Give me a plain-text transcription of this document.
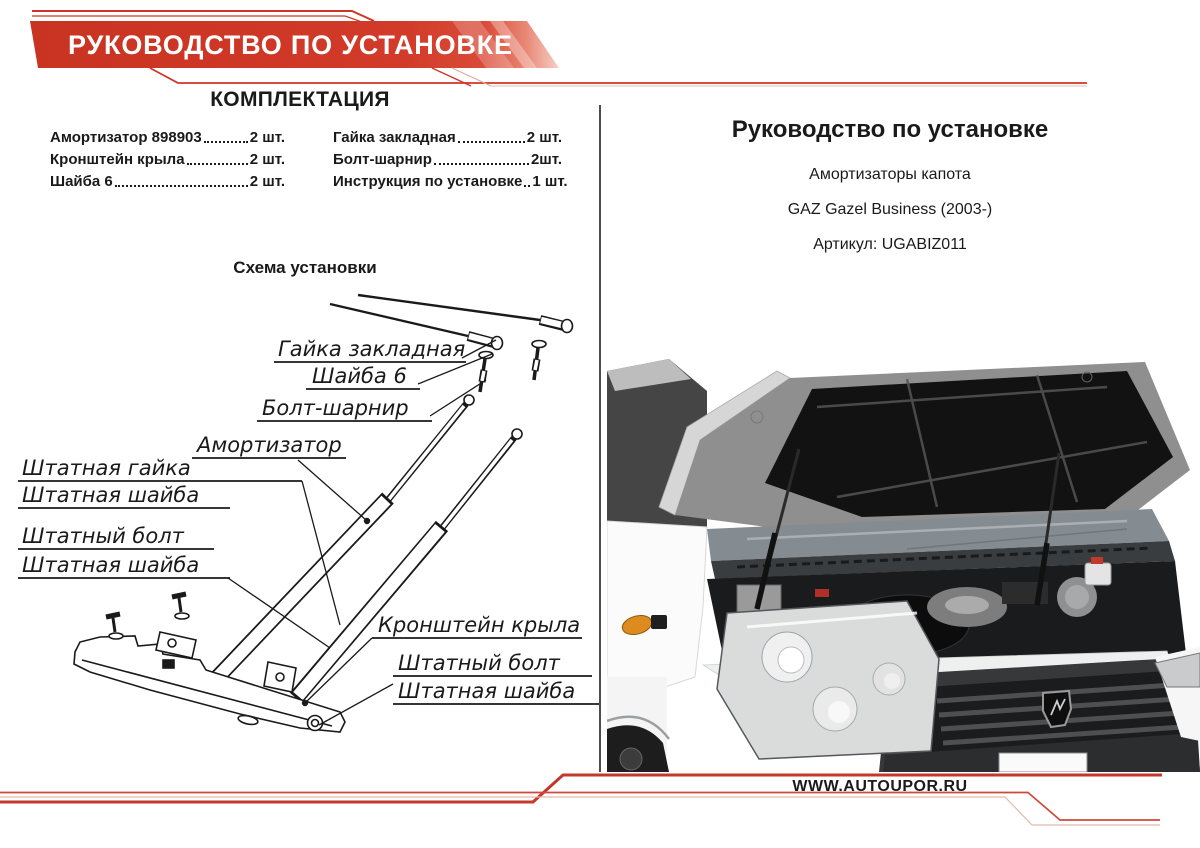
РУКОВОДСТВО ПО УСТАНОВКЕ
КОМПЛЕКТАЦИЯ
Амортизатор 898903	2 шт.
Кронштейн крыла	2 шт.
Шайба 6	2 шт.
Гайка закладная	2 шт.
Болт-шарнир	2шт.
Инструкция по установке 1 шт.
Руководство по установке
Амортизаторы капота
GAZ Gazel Business (2003-)
Артикул: UGABIZ011
Схема установки
Гайка закладная
Шайба 6
Болт-шарнир
Амортизатор
Штатная гайка
Штатная шайба
Штатный болт
Штатная шайба
Кронштейн крыла
Штатный болт
Штатная шайба
WWW.AUTOUPOR.RU
